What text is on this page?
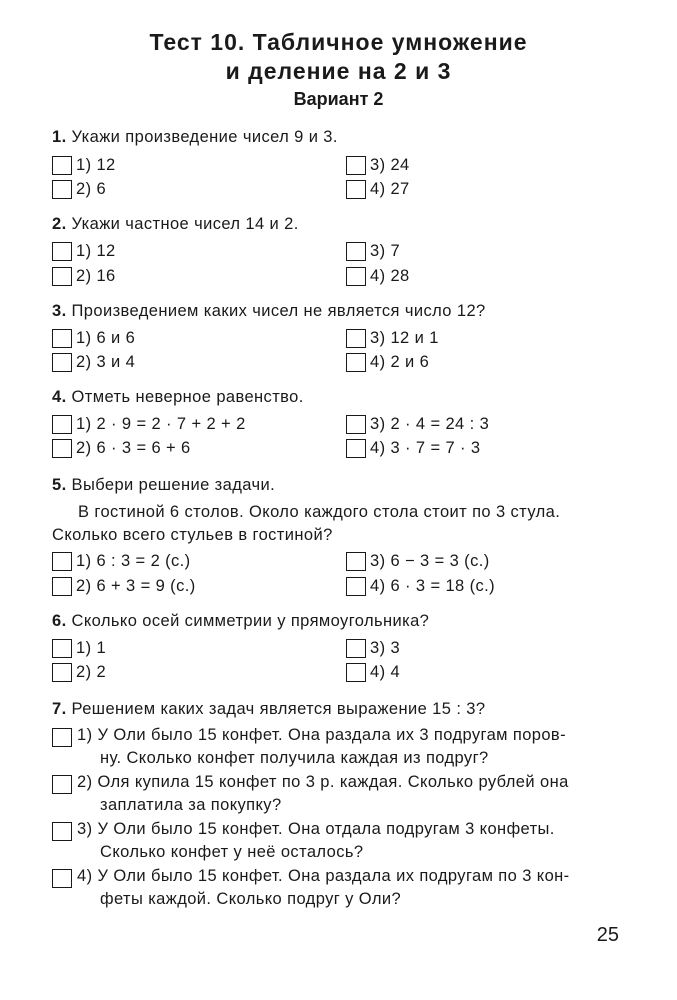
Тест 10. Табличное умножение
и деление на 2 и 3
Вариант 2
1. Укажи произведение чисел 9 и 3.
1) 12
2) 6
3) 24
4) 27
2. Укажи частное чисел 14 и 2.
1) 12
2) 16
3) 7
4) 28
3. Произведением каких чисел не является число 12?
1) 6 и 6
2) 3 и 4
3) 12 и 1
4) 2 и 6
4. Отметь неверное равенство.
1) 2 · 9 = 2 · 7 + 2 + 2
2) 6 · 3 = 6 + 6
3) 2 · 4 = 24 : 3
4) 3 · 7 = 7 · 3
5. Выбери решение задачи.
В гостиной 6 столов. Около каждого стола стоит по 3 стула.
Сколько всего стульев в гостиной?
1) 6 : 3 = 2 (с.)
2) 6 + 3 = 9 (с.)
3) 6 − 3 = 3 (с.)
4) 6 · 3 = 18 (с.)
6. Сколько осей симметрии у прямоугольника?
1) 1
2) 2
3) 3
4) 4
7. Решением каких задач является выражение 15 : 3?
1) У Оли было 15 конфет. Она раздала их 3 подругам поров-
ну. Сколько конфет получила каждая из подруг?
2) Оля купила 15 конфет по 3 р. каждая. Сколько рублей она
заплатила за покупку?
3) У Оли было 15 конфет. Она отдала подругам 3 конфеты.
Сколько конфет у неё осталось?
4) У Оли было 15 конфет. Она раздала их подругам по 3 кон-
феты каждой. Сколько подруг у Оли?
25
